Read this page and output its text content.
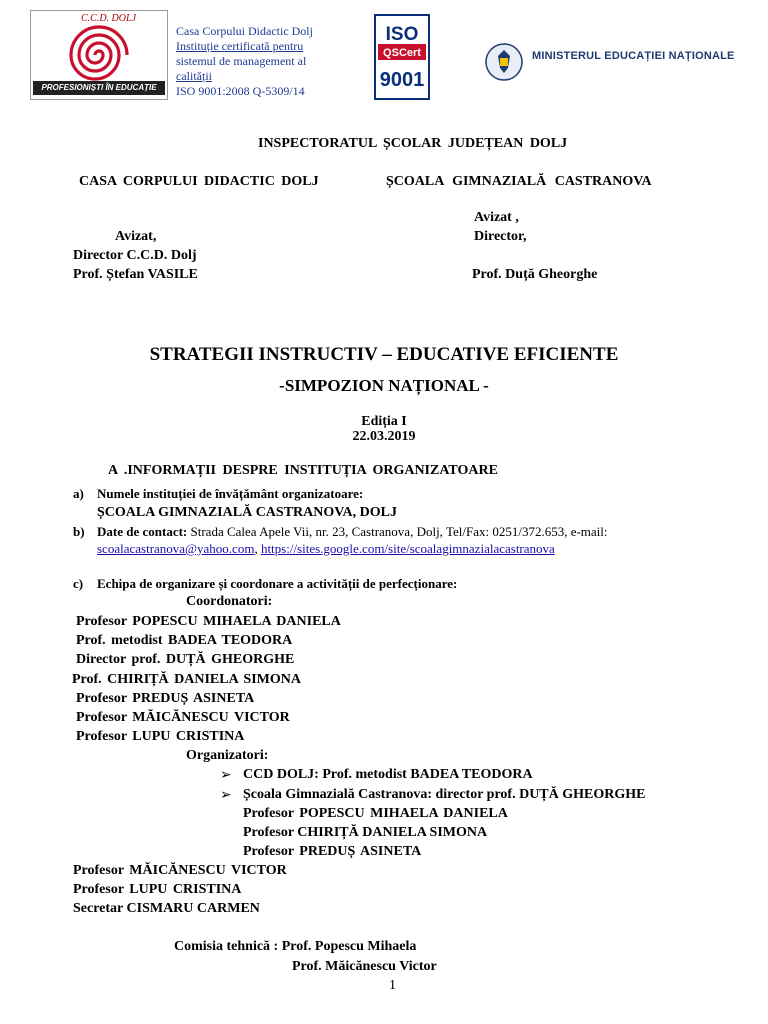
C.C.D. DOLJ
PROFESIONIȘTI ÎN EDUCAȚIE
Casa Corpului Didactic Dolj
Instituție certificată pentru
sistemul de management al
calității
ISO 9001:2008 Q-5309/14
ISO
QSCert
9001
MINISTERUL EDUCAȚIEI NAȚIONALE
INSPECTORATUL ȘCOLAR JUDEȚEAN DOLJ
CASA CORPULUI DIDACTIC DOLJ	ȘCOALA GIMNAZIALĂ CASTRANOVA
Avizat,
Director C.C.D. Dolj
Prof. Ștefan VASILE
Avizat ,
Director,
Prof. Duță Gheorghe
STRATEGII INSTRUCTIV – EDUCATIVE EFICIENTE
-SIMPOZION NAȚIONAL -
Ediția I
22.03.2019
A .INFORMAȚII DESPRE INSTITUȚIA ORGANIZATOARE
a) Numele instituției de învățământ organizatoare:
ȘCOALA GIMNAZIALĂ CASTRANOVA, DOLJ
b) Date de contact: Strada Calea Apele Vii, nr. 23, Castranova, Dolj, Tel/Fax: 0251/372.653, e-mail:
scoalacastranova@yahoo.com, https://sites.google.com/site/scoalagimnazialacastranova
c) Echipa de organizare și coordonare a activității de perfecționare:
Coordonatori:
Profesor POPESCU MIHAELA DANIELA
Prof. metodist BADEA TEODORA
Director prof. DUȚĂ GHEORGHE
Prof. CHIRIȚĂ DANIELA SIMONA
Profesor PREDUȘ ASINETA
Profesor MĂICĂNESCU VICTOR
Profesor LUPU CRISTINA
Organizatori:
➢ CCD DOLJ: Prof. metodist BADEA TEODORA
➢ Școala Gimnazială Castranova: director prof. DUȚĂ GHEORGHE
Profesor POPESCU MIHAELA DANIELA
Profesor CHIRIȚĂ DANIELA SIMONA
Profesor PREDUȘ ASINETA
Profesor MĂICĂNESCU VICTOR
Profesor LUPU CRISTINA
Secretar CISMARU CARMEN
Comisia tehnică : Prof. Popescu Mihaela
Prof. Măicănescu Victor
1
